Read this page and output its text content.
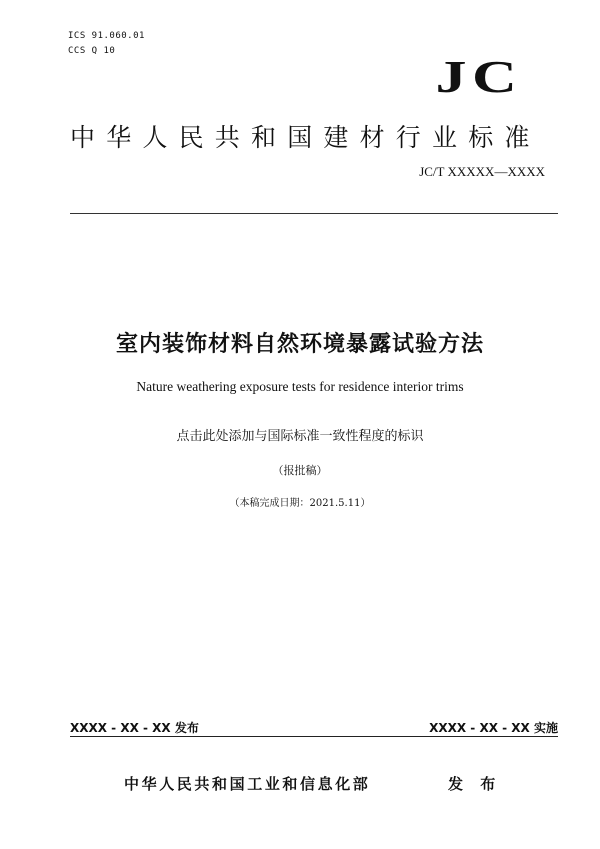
ICS 91.060.01
CCS Q 10	JC
中华人民共和国建材行业标准
JC/T XXXXX—XXXX
室内装饰材料自然环境暴露试验方法
Nature weathering exposure tests for residence interior trims
点击此处添加与国际标准一致性程度的标识
（报批稿）
（本稿完成日期：2021.5.11）
XXXX - XX - XX 发布	XXXX - XX - XX 实施
中华人民共和国工业和信息化部	发 布
